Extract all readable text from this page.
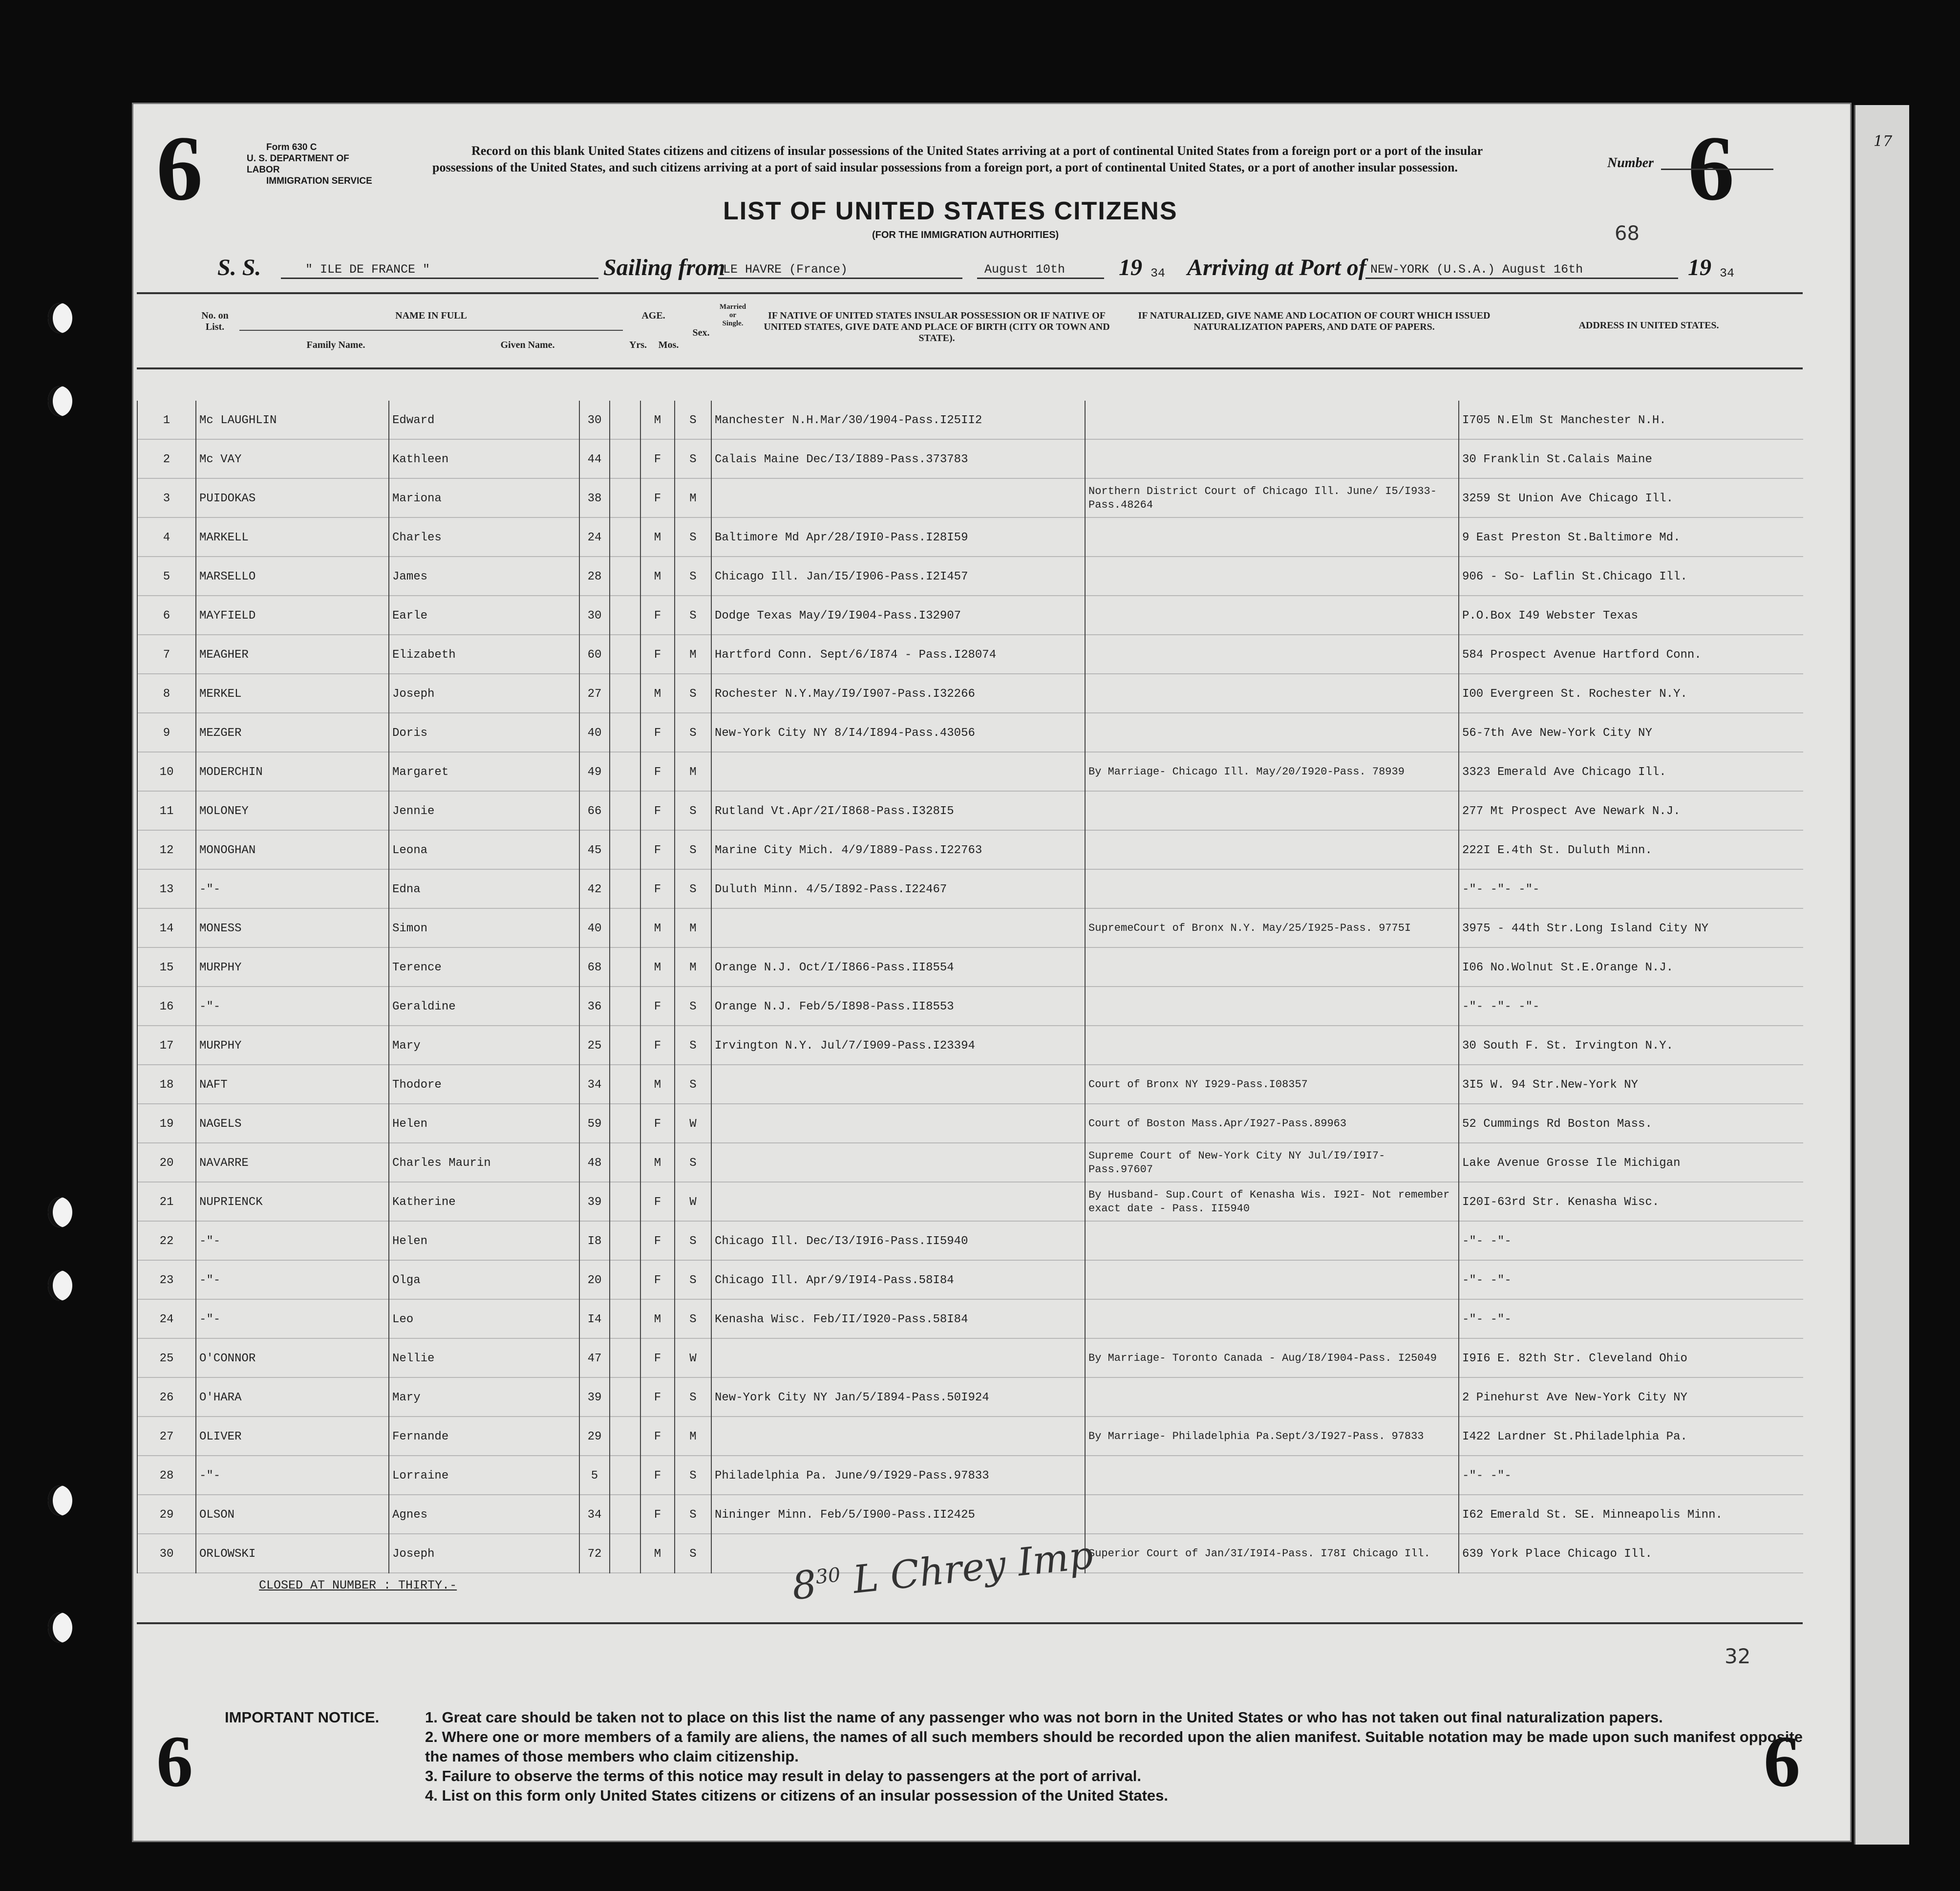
6	6
6	6
Form 630 C
U. S. DEPARTMENT OF LABOR
IMMIGRATION SERVICE
Record on this blank United States citizens and citizens of insular possessions of the United States arriving at a port of continental United States from a foreign port or a port of the insular possessions of the United States, and such citizens arriving at a port of said insular possessions from a foreign port, a port of continental United States, or a port of another insular possession.	Number
17
LIST OF UNITED STATES CITIZENS
(FOR THE IMMIGRATION AUTHORITIES)	68
S. S.	" ILE DE FRANCE "	Sailing from
LE HAVRE (France)	August 10th 19 34 Arriving at Port of NEW-YORK (U.S.A.) August 16th	19 34
No. on List.
NAME IN FULL
Family Name.	Given Name.
AGE.
Yrs.	Mos.
Sex.
Married or Single.
IF NATIVE OF UNITED STATES INSULAR POSSESSION OR IF NATIVE OF UNITED STATES, GIVE DATE AND PLACE OF BIRTH (CITY OR TOWN AND STATE).
IF NATURALIZED, GIVE NAME AND LOCATION OF COURT WHICH ISSUED NATURALIZATION PAPERS, AND DATE OF PAPERS.	ADDRESS IN UNITED STATES.
1	Mc LAUGHLIN	Edward	30		M	S	Manchester N.H.Mar/30/1904-Pass.I25II2		I705 N.Elm St Manchester N.H.
2	Mc VAY	Kathleen	44		F	S	Calais Maine Dec/I3/I889-Pass.373783		30 Franklin St.Calais Maine
3	PUIDOKAS	Mariona	38		F	M		Northern District Court of Chicago Ill. June/ I5/I933-Pass.48264	3259 St Union Ave Chicago Ill.
4	MARKELL	Charles	24		M	S	Baltimore Md Apr/28/I9I0-Pass.I28I59		9 East Preston St.Baltimore Md.
5	MARSELLO	James	28		M	S	Chicago Ill. Jan/I5/I906-Pass.I2I457		906 - So- Laflin St.Chicago Ill.
6	MAYFIELD	Earle	30		F	S	Dodge Texas May/I9/I904-Pass.I32907		P.O.Box I49 Webster Texas
7	MEAGHER	Elizabeth	60		F	M	Hartford Conn. Sept/6/I874 - Pass.I28074		584 Prospect Avenue Hartford Conn.
8	MERKEL	Joseph	27		M	S	Rochester N.Y.May/I9/I907-Pass.I32266		I00 Evergreen St. Rochester N.Y.
9	MEZGER	Doris	40		F	S	New-York City NY 8/I4/I894-Pass.43056		56-7th Ave New-York City NY
10	MODERCHIN	Margaret	49		F	M		By Marriage- Chicago Ill. May/20/I920-Pass. 78939	3323 Emerald Ave Chicago Ill.
11	MOLONEY	Jennie	66		F	S	Rutland Vt.Apr/2I/I868-Pass.I328I5		277 Mt Prospect Ave Newark N.J.
12	MONOGHAN	Leona	45		F	S	Marine City Mich. 4/9/I889-Pass.I22763		222I E.4th St. Duluth Minn.
13	-"-	Edna	42		F	S	Duluth Minn. 4/5/I892-Pass.I22467		-"- -"- -"-
14	MONESS	Simon	40		M	M		SupremeCourt of Bronx N.Y. May/25/I925-Pass. 9775I	3975 - 44th Str.Long Island City NY
15	MURPHY	Terence	68		M	M	Orange N.J. Oct/I/I866-Pass.II8554		I06 No.Wolnut St.E.Orange N.J.
16	-"-	Geraldine	36		F	S	Orange N.J. Feb/5/I898-Pass.II8553		-"- -"- -"-
17	MURPHY	Mary	25		F	S	Irvington N.Y. Jul/7/I909-Pass.I23394		30 South F. St. Irvington N.Y.
18	NAFT	Thodore	34		M	S		Court of Bronx NY I929-Pass.I08357	3I5 W. 94 Str.New-York NY
19	NAGELS	Helen	59		F	W		Court of Boston Mass.Apr/I927-Pass.89963	52 Cummings Rd Boston Mass.
20	NAVARRE	Charles Maurin	48		M	S		Supreme Court of New-York City NY Jul/I9/I9I7- Pass.97607	Lake Avenue Grosse Ile Michigan
21	NUPRIENCK	Katherine	39		F	W		By Husband- Sup.Court of Kenasha Wis. I92I- Not remember exact date - Pass. II5940	I20I-63rd Str. Kenasha Wisc.
22	-"-	Helen	I8		F	S	Chicago Ill. Dec/I3/I9I6-Pass.II5940		-"- -"-
23	-"-	Olga	20		F	S	Chicago Ill. Apr/9/I9I4-Pass.58I84		-"- -"-
24	-"-	Leo	I4		M	S	Kenasha Wisc. Feb/II/I920-Pass.58I84		-"- -"-
25	O'CONNOR	Nellie	47		F	W		By Marriage- Toronto Canada - Aug/I8/I904-Pass. I25049	I9I6 E. 82th Str. Cleveland Ohio
26	O'HARA	Mary	39		F	S	New-York City NY Jan/5/I894-Pass.50I924		2 Pinehurst Ave New-York City NY
27	OLIVER	Fernande	29		F	M		By Marriage- Philadelphia Pa.Sept/3/I927-Pass. 97833	I422 Lardner St.Philadelphia Pa.
28	-"-	Lorraine	5		F	S	Philadelphia Pa. June/9/I929-Pass.97833		-"- -"-
29	OLSON	Agnes	34		F	S	Nininger Minn. Feb/5/I900-Pass.II2425		I62 Emerald St. SE. Minneapolis Minn.
30	ORLOWSKI	Joseph	72		M	S		Superior Court of Jan/3I/I9I4-Pass. I78I Chicago Ill.	639 York Place Chicago Ill.
CLOSED AT NUMBER : THIRTY.-	$8^{30}$ L Chrey Imp
32
IMPORTANT NOTICE.	1. Great care should be taken not to place on this list the name of any passenger who was not born in the United States or who has not taken out final naturalization papers.
2. Where one or more members of a family are aliens, the names of all such members should be recorded upon the alien manifest. Suitable notation may be made upon such manifest opposite the names of those members who claim citizenship.
3. Failure to observe the terms of this notice may result in delay to passengers at the port of arrival.
4. List on this form only United States citizens or citizens of an insular possession of the United States.
